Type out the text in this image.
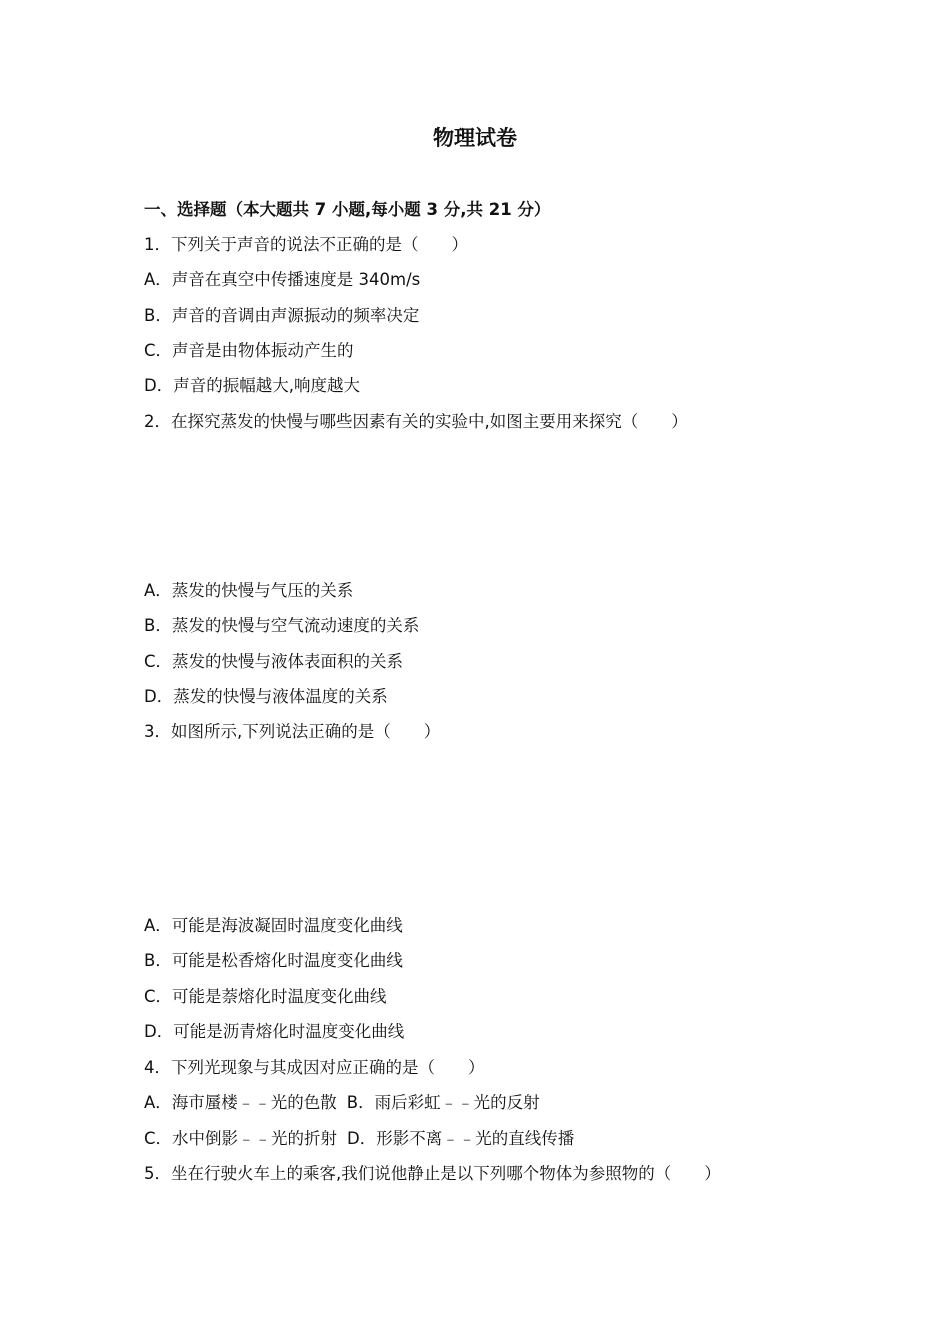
物理试卷
一、选择题（本大题共 7 小题,每小题 3 分,共 21 分）
1．下列关于声音的说法不正确的是（　　）
A．声音在真空中传播速度是 340m/s
B．声音的音调由声源振动的频率决定
C．声音是由物体振动产生的
D．声音的振幅越大,响度越大
2．在探究蒸发的快慢与哪些因素有关的实验中,如图主要用来探究（　　）
A．蒸发的快慢与气压的关系
B．蒸发的快慢与空气流动速度的关系
C．蒸发的快慢与液体表面积的关系
D．蒸发的快慢与液体温度的关系
3．如图所示,下列说法正确的是（　　）
A．可能是海波凝固时温度变化曲线
B．可能是松香熔化时温度变化曲线
C．可能是萘熔化时温度变化曲线
D．可能是沥青熔化时温度变化曲线
4．下列光现象与其成因对应正确的是（　　）
A．海市蜃楼﹣﹣光的色散 B．雨后彩虹﹣﹣光的反射
C．水中倒影﹣﹣光的折射 D．形影不离﹣﹣光的直线传播
5．坐在行驶火车上的乘客,我们说他静止是以下列哪个物体为参照物的（　　）
